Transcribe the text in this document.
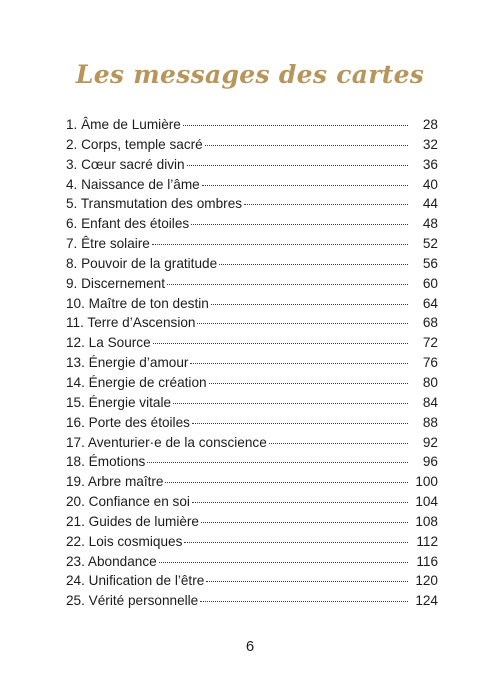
Les messages des cartes
1. Âme de Lumière	28
2. Corps, temple sacré	32
3. Cœur sacré divin	36
4. Naissance de l’âme	40
5. Transmutation des ombres	44
6. Enfant des étoiles	48
7. Être solaire	52
8. Pouvoir de la gratitude	56
9. Discernement	60
10. Maître de ton destin	64
11. Terre d’Ascension	68
12. La Source	72
13. Énergie d’amour	76
14. Énergie de création	80
15. Énergie vitale	84
16. Porte des étoiles	88
17. Aventurier·e de la conscience	92
18. Émotions	96
19. Arbre maître	100
20. Confiance en soi	104
21. Guides de lumière	108
22. Lois cosmiques	112
23. Abondance	116
24. Unification de l’être	120
25. Vérité personnelle	124
6
